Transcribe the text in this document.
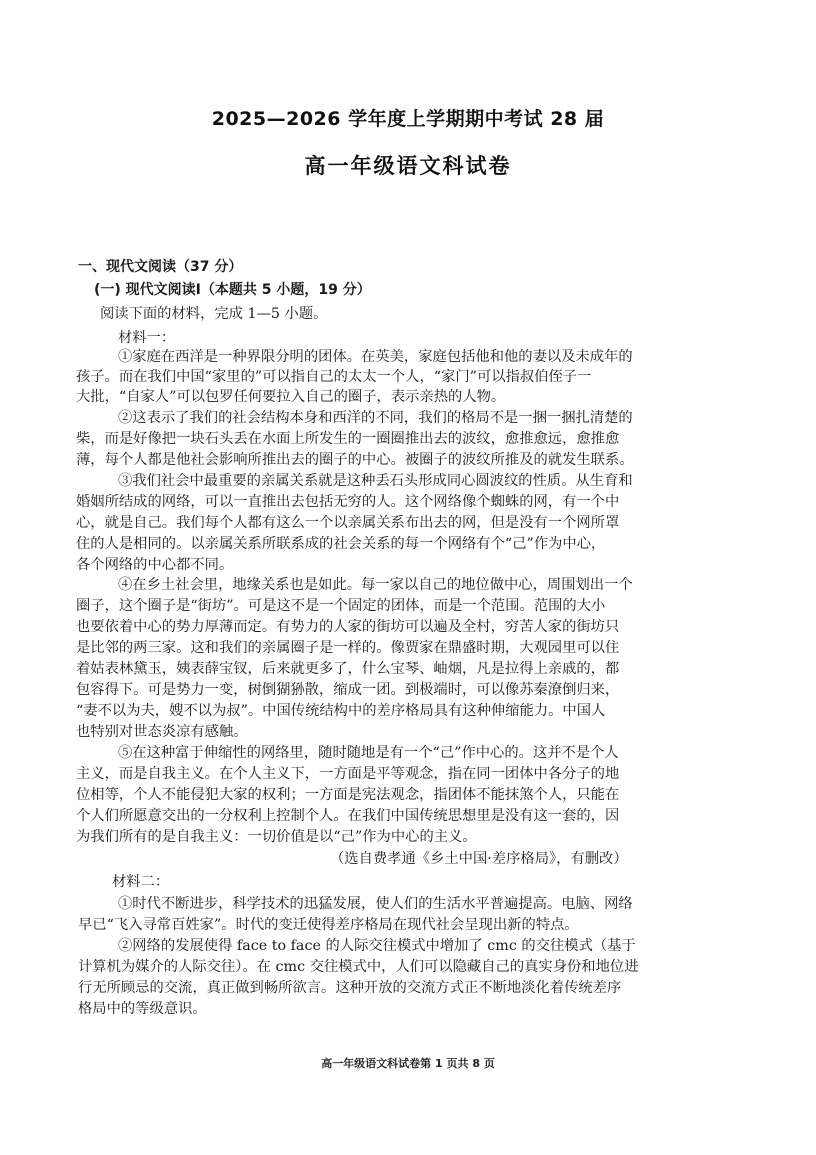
2025—2026 学年度上学期期中考试 28 届
高一年级语文科试卷
一、现代文阅读（37 分）
(一) 现代文阅读Ⅰ（本题共 5 小题，19 分）
阅读下面的材料，完成 1—5 小题。
材料一：
①家庭在西洋是一种界限分明的团体。在英美，家庭包括他和他的妻以及未成年的
孩子。而在我们中国“家里的”可以指自己的太太一个人，“家门”可以指叔伯侄子一
大批，“自家人”可以包罗任何要拉入自己的圈子，表示亲热的人物。
②这表示了我们的社会结构本身和西洋的不同，我们的格局不是一捆一捆扎清楚的
柴，而是好像把一块石头丢在水面上所发生的一圈圈推出去的波纹，愈推愈远，愈推愈
薄，每个人都是他社会影响所推出去的圈子的中心。被圈子的波纹所推及的就发生联系。
③我们社会中最重要的亲属关系就是这种丢石头形成同心圆波纹的性质。从生育和
婚姻所结成的网络，可以一直推出去包括无穷的人。这个网络像个蜘蛛的网，有一个中
心，就是自己。我们每个人都有这么一个以亲属关系布出去的网，但是没有一个网所罩
住的人是相同的。以亲属关系所联系成的社会关系的每一个网络有个“己”作为中心，
各个网络的中心都不同。
④在乡土社会里，地缘关系也是如此。每一家以自己的地位做中心，周围划出一个
圈子，这个圈子是“街坊”。可是这不是一个固定的团体，而是一个范围。范围的大小
也要依着中心的势力厚薄而定。有势力的人家的街坊可以遍及全村，穷苦人家的街坊只
是比邻的两三家。这和我们的亲属圈子是一样的。像贾家在鼎盛时期，大观园里可以住
着姑表林黛玉，姨表薛宝钗，后来就更多了，什么宝琴、岫烟，凡是拉得上亲戚的，都
包容得下。可是势力一变，树倒猢狲散，缩成一团。到极端时，可以像苏秦潦倒归来，
“妻不以为夫，嫂不以为叔”。中国传统结构中的差序格局具有这种伸缩能力。中国人
也特别对世态炎凉有感触。
⑤在这种富于伸缩性的网络里，随时随地是有一个“己”作中心的。这并不是个人
主义，而是自我主义。在个人主义下，一方面是平等观念，指在同一团体中各分子的地
位相等，个人不能侵犯大家的权利；一方面是宪法观念，指团体不能抹煞个人，只能在
个人们所愿意交出的一分权利上控制个人。在我们中国传统思想里是没有这一套的，因
为我们所有的是自我主义：一切价值是以“己”作为中心的主义。
（选自费孝通《乡土中国·差序格局》，有删改）
材料二：
①时代不断进步，科学技术的迅猛发展，使人们的生活水平普遍提高。电脑、网络
早已“飞入寻常百姓家”。时代的变迁使得差序格局在现代社会呈现出新的特点。
②网络的发展使得 face to face 的人际交往模式中增加了 cmc 的交往模式（基于
计算机为媒介的人际交往）。在 cmc 交往模式中，人们可以隐藏自己的真实身份和地位进
行无所顾忌的交流，真正做到畅所欲言。这种开放的交流方式正不断地淡化着传统差序
格局中的等级意识。
高一年级语文科试卷第 1 页共 8 页
